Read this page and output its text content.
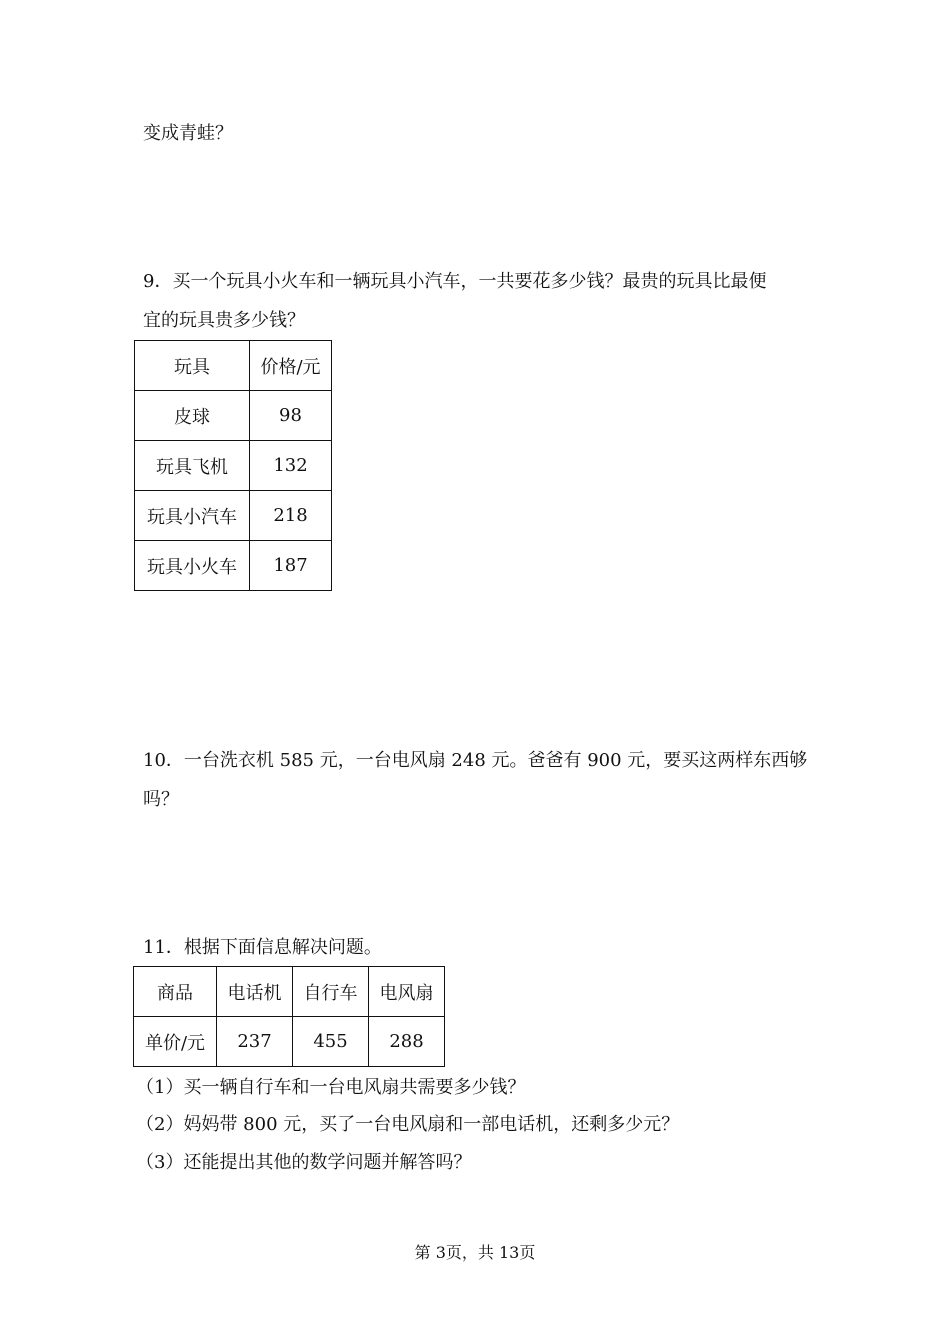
变成青蛙？
9．买一个玩具小火车和一辆玩具小汽车，一共要花多少钱？最贵的玩具比最便
宜的玩具贵多少钱？
玩具	价格/元
皮球	98
玩具飞机	132
玩具小汽车	218
玩具小火车	187
10．一台洗衣机 585 元，一台电风扇 248 元。爸爸有 900 元，要买这两样东西够
吗？
11．根据下面信息解决问题。
商品	电话机	自行车	电风扇
单价/元	237	455	288
（1）买一辆自行车和一台电风扇共需要多少钱？
（2）妈妈带 800 元，买了一台电风扇和一部电话机，还剩多少元？
（3）还能提出其他的数学问题并解答吗？
第 3页，共 13页
